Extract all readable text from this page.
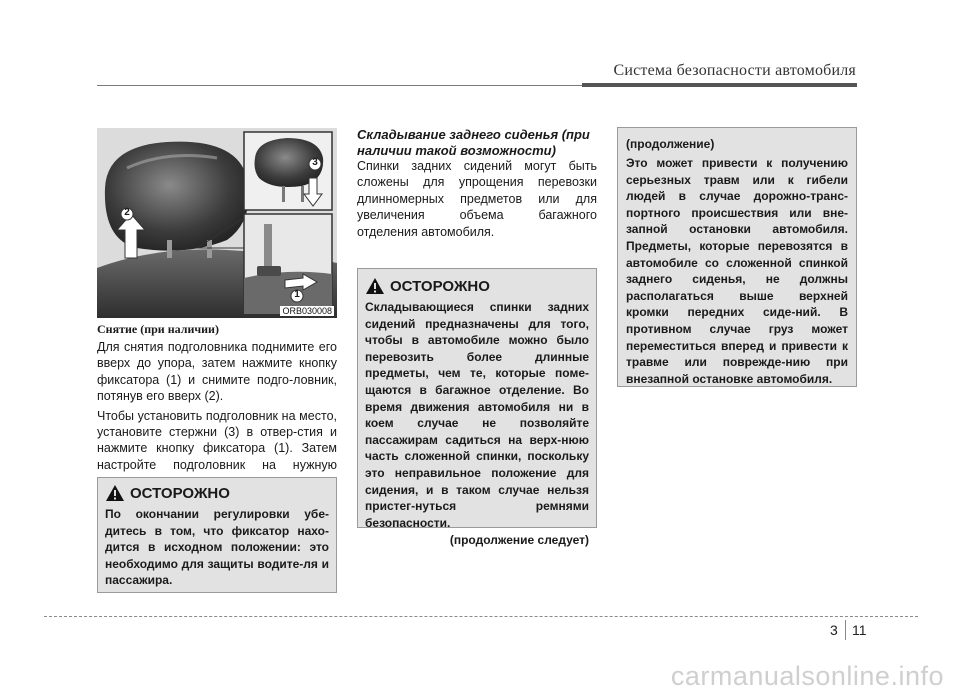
Система безопасности автомобиля
2
3
1
ORB030008
Снятие (при наличии)

Для снятия подголовника поднимите его вверх до упора, затем нажмите кнопку фиксатора (1) и снимите подго-ловник, потянув его вверх (2).

Чтобы установить подголовник на место, установите стержни (3) в отвер-стия и нажмите кнопку фиксатора (1). Затем настройте подголовник на нужную

ОСТОРОЖНО

По окончании регулировки убе-дитесь в том, что фиксатор нахо-дится в исходном положении: это необходимо для защиты водите-ля и пассажира.

Складывание заднего сиденья (при наличии такой возможности)

Спинки задних сидений могут быть сложены для упрощения перевозки длинномерных предметов или для увеличения объема багажного отделения автомобиля.

ОСТОРОЖНО

Складывающиеся спинки задних сидений предназначены для того, чтобы в автомобиле можно было перевозить более длинные предметы, чем те, которые поме-щаются в багажное отделение. Во время движения автомобиля ни в коем случае не позволяйте пассажирам садиться на верх-нюю часть сложенной спинки, поскольку это неправильное положение для сидения, и в таком случае нельзя пристег-нуться ремнями безопасности.

(продолжение следует)
(продолжение)

Это может привести к получению серьезных травм или к гибели людей в случае дорожно-транс-портного происшествия или вне-запной остановки автомобиля. Предметы, которые перевозятся в автомобиле со сложенной спинкой заднего сиденья, не должны располагаться выше верхней кромки передних сиде-ний. В противном случае груз может переместиться вперед и привести к травме или поврежде-нию при внезапной остановке автомобиля.

3 11
carmanualsonline.info
